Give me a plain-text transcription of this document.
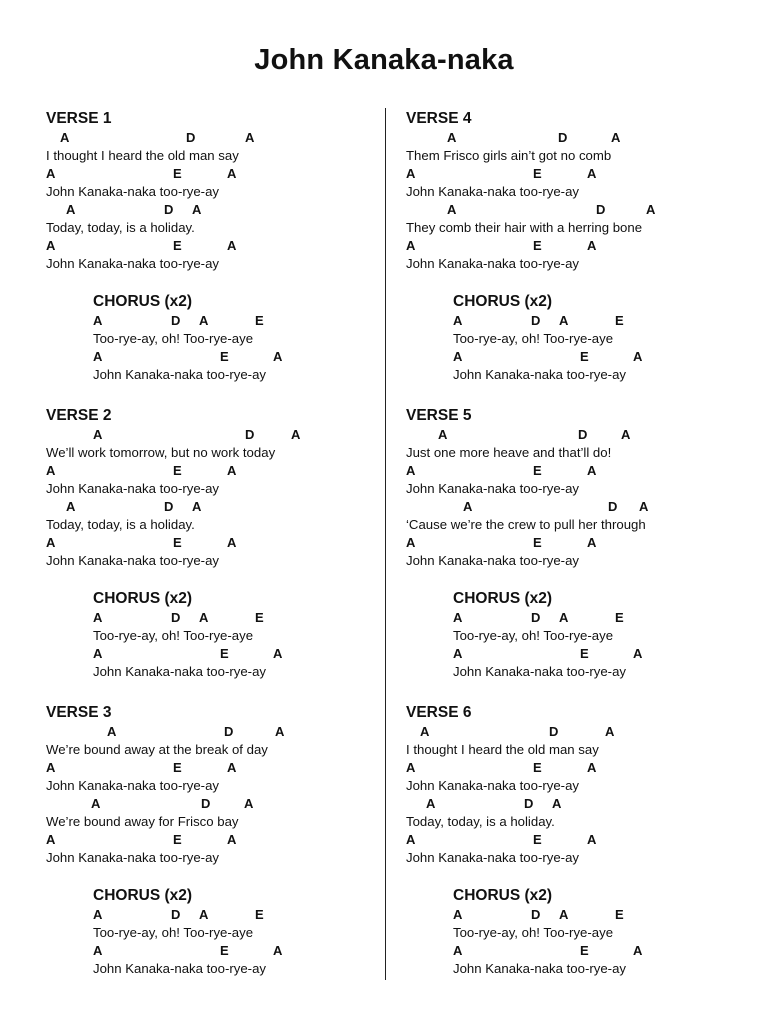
John Kanaka-naka
VERSE 1
A	D	A
I thought I heard the old man say
A	E	A
John Kanaka-naka too-rye-ay
A	D A
Today, today, is a holiday.
A	E	A
John Kanaka-naka too-rye-ay
CHORUS (x2)
A	D A	E
Too-rye-ay, oh! Too-rye-aye
A	E	A
John Kanaka-naka too-rye-ay
VERSE 2
A	D	A
We’ll work tomorrow, but no work today
A	E	A
John Kanaka-naka too-rye-ay
A	D A
Today, today, is a holiday.
A	E	A
John Kanaka-naka too-rye-ay
CHORUS (x2)
A	D A	E
Too-rye-ay, oh! Too-rye-aye
A	E	A
John Kanaka-naka too-rye-ay
VERSE 3
A	D	A
We’re bound away at the break of day
A	E	A
John Kanaka-naka too-rye-ay
A	D	A
We’re bound away for Frisco bay
A	E	A
John Kanaka-naka too-rye-ay
CHORUS (x2)
A	D A	E
Too-rye-ay, oh! Too-rye-aye
A	E	A
John Kanaka-naka too-rye-ay
VERSE 4
A	D	A
Them Frisco girls ain’t got no comb
A	E	A
John Kanaka-naka too-rye-ay
A	D	A
They comb their hair with a herring bone
A	E	A
John Kanaka-naka too-rye-ay
CHORUS (x2)
A	D A	E
Too-rye-ay, oh! Too-rye-aye
A	E	A
John Kanaka-naka too-rye-ay
VERSE 5
A	D	A
Just one more heave and that’ll do!
A	E	A
John Kanaka-naka too-rye-ay
A	D A
‘Cause we’re the crew to pull her through
A	E	A
John Kanaka-naka too-rye-ay
CHORUS (x2)
A	D A	E
Too-rye-ay, oh! Too-rye-aye
A	E	A
John Kanaka-naka too-rye-ay
VERSE 6
A	D	A
I thought I heard the old man say
A	E	A
John Kanaka-naka too-rye-ay
A	D A
Today, today, is a holiday.
A	E	A
John Kanaka-naka too-rye-ay
CHORUS (x2)
A	D A	E
Too-rye-ay, oh! Too-rye-aye
A	E	A
John Kanaka-naka too-rye-ay
